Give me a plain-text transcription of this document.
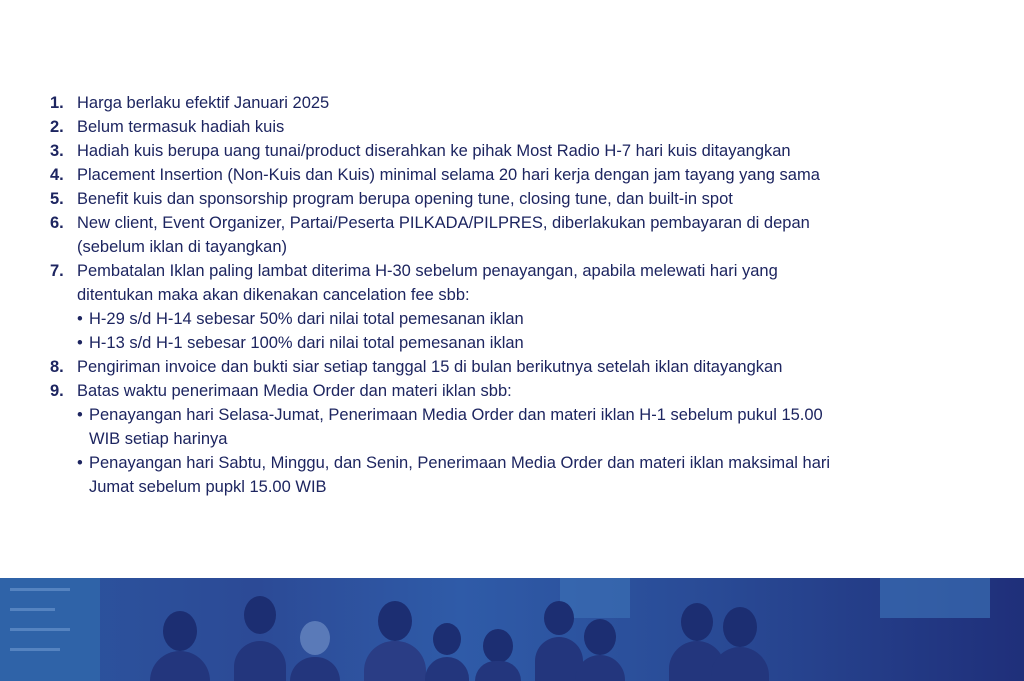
1. Harga berlaku efektif Januari 2025
2. Belum termasuk hadiah kuis
3. Hadiah kuis berupa uang tunai/product diserahkan ke pihak Most Radio H-7 hari kuis ditayangkan
4. Placement Insertion (Non-Kuis dan Kuis) minimal selama 20 hari kerja dengan jam tayang yang sama
5. Benefit kuis dan sponsorship program berupa opening tune, closing tune, dan built-in spot
6. New client, Event Organizer, Partai/Peserta PILKADA/PILPRES, diberlakukan pembayaran di depan
(sebelum iklan di tayangkan)
7. Pembatalan Iklan paling lambat diterima H-30 sebelum penayangan, apabila melewati hari yang
ditentukan maka akan dikenakan cancelation fee sbb:
• H-29 s/d H-14 sebesar 50% dari nilai total pemesanan iklan
• H-13 s/d H-1 sebesar 100% dari nilai total pemesanan iklan
8. Pengiriman invoice dan bukti siar setiap tanggal 15 di bulan berikutnya setelah iklan ditayangkan
9. Batas waktu penerimaan Media Order dan materi iklan sbb:
• Penayangan hari Selasa-Jumat, Penerimaan Media Order dan materi iklan H-1 sebelum pukul 15.00
WIB setiap harinya
• Penayangan hari Sabtu, Minggu, dan Senin, Penerimaan Media Order dan materi iklan maksimal hari
Jumat sebelum pupkl 15.00 WIB
